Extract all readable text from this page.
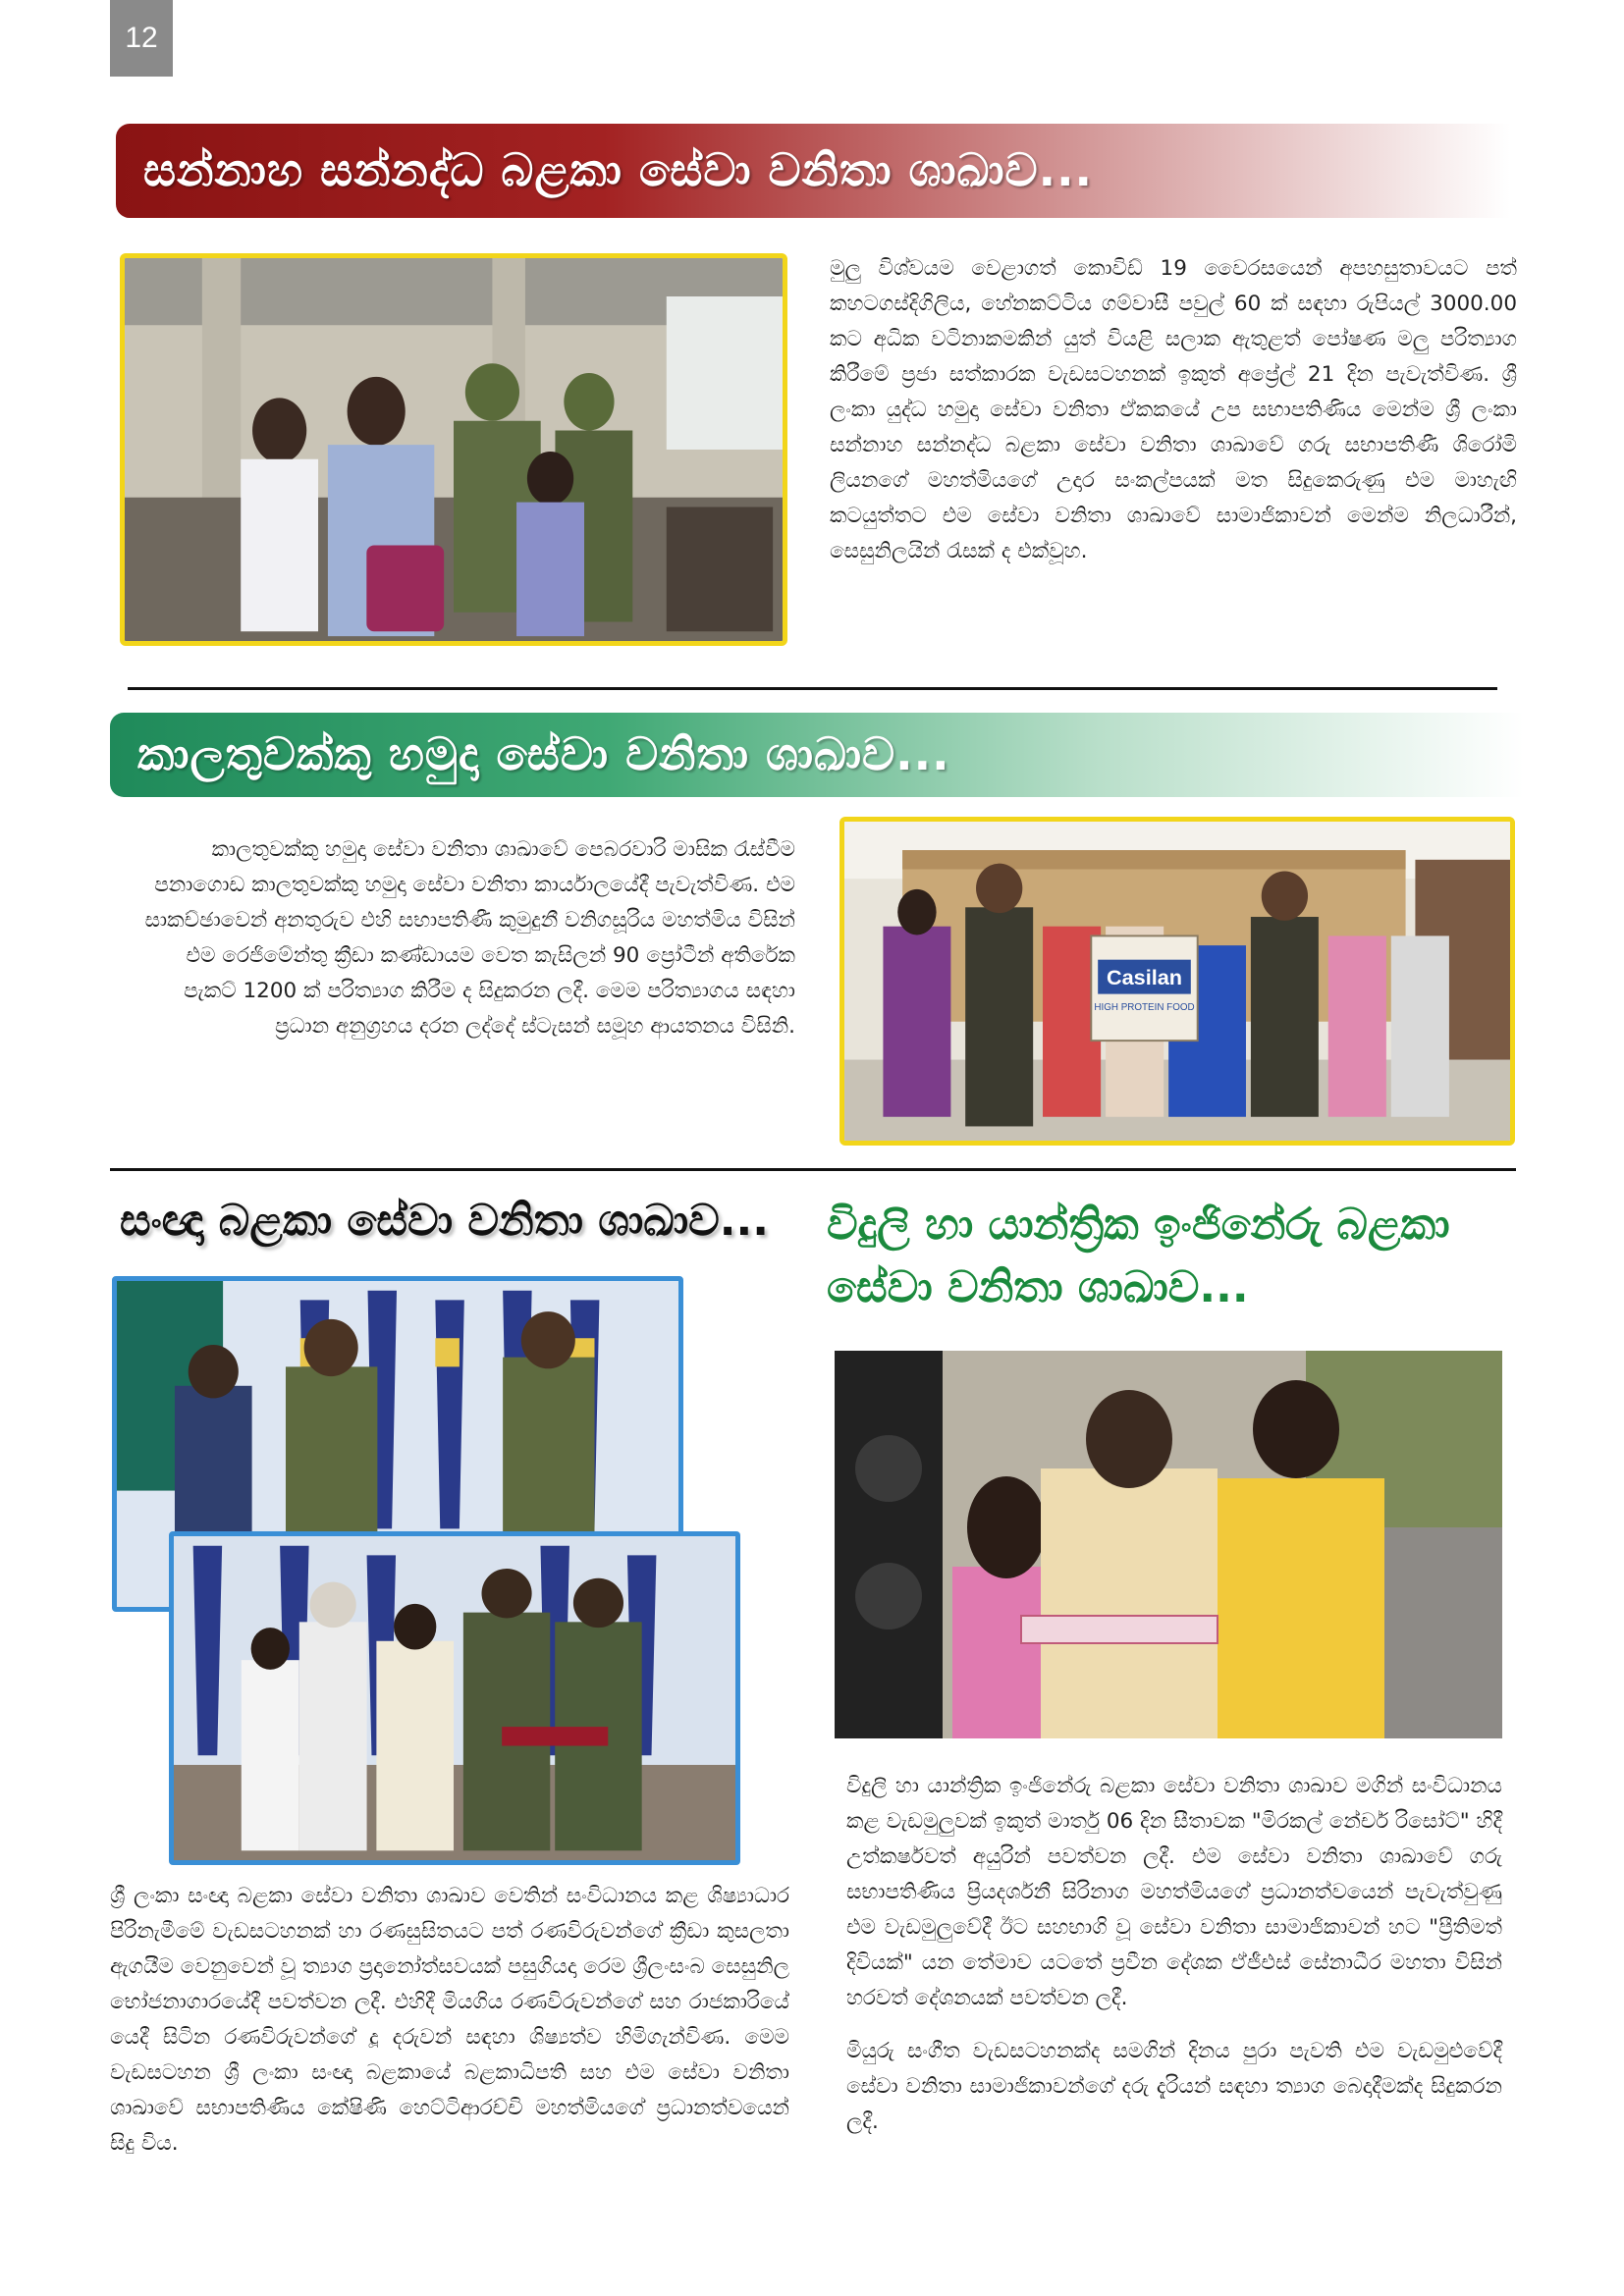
12
සන්නාහ සන්නද්ධ බළකා සේවා වනිතා ශාඛාව...

මුලු විශ්වයම වෙළාගත් කොවිඩ් 19 වෛරසයෙන් අපහසුතාවයට පත් කහටගස්දිගිලිය, හේනකට්ටිය ගම්වාසී පවුල් 60 ක් සඳහා රුපියල් 3000.00 කට අධික වටිනාකමකින් යුත් වියළි සලාක ඇතුළත් පෝෂණ මලු පරිත්‍යාග කිරීමේ ප්‍රජා සත්කාරක වැඩසටහනක් ඉකුත් අප්‍රේල් 21 දින පැවැත්විණ. ශ්‍රී ලංකා යුද්ධ හමුදා සේවා වනිතා ඒකකයේ උප සභාපතිණිය මෙන්ම ශ්‍රී ලංකා සන්නාහ සන්නද්ධ බළකා සේවා වනිතා ශාඛාවේ ගරු සභාපතිණී ශිරෝමි ලියනගේ මහත්මියගේ උදාර සංකල්පයක් මත සිදුකෙරුණු එම මාහැඟි කටයුත්තට එම සේවා වනිතා ශාඛාවේ සාමාජිකාවන් මෙන්ම නිලධාරීන්, සෙසුනිලයින් රැසක් ද එක්වූහ.

කාලතුවක්කු හමුදා සේවා වනිතා ශාඛාව...

කාලතුවක්කු හමුදා සේවා වනිතා ශාඛාවේ පෙබරවාරි මාසික රැස්වීම පනාගොඩ කාලතුවක්කු හමුදා සේවා වනිතා කාර්යාලයේදී පැවැත්විණ. එම සාකච්ඡාවෙන් අනතුරුව එහි සභාපතිණී කුමුදුනී වනිගසූරිය මහත්මිය විසින් එම රෙජිමේන්තු ක්‍රීඩා කණ්ඩායම වෙත කැසිලන් 90 ප්‍රෝටීන් අතිරේක පැකට් 1200 ක් පරිත්‍යාග කිරීම ද සිදුකරන ලදී. මෙම පරිත්‍යාගය සඳහා ප්‍රධාන අනුග්‍රහය දරන ලද්දේ ස්ටැසන් සමූහ ආයතනය විසිනි.

Casilan
HIGH PROTEIN FOOD
සංඥා බළකා සේවා වනිතා ශාඛාව...

ශ්‍රී ලංකා සංඥා බළකා සේවා වනිතා ශාඛාව වෙතින් සංවිධානය කළ ශිෂ්‍යාධාර පිරිනැමීමේ වැඩසටහනක් හා රණසුසිතයට පත් රණවිරුවන්ගේ ක්‍රීඩා කුසලතා ඇගයීම වෙනුවෙන් වූ ත්‍යාග ප්‍රදානෝත්සවයක් පසුගියදා රෙම ශ්‍රීලංසංබ සෙසුනිල භෝජනාගාරයේදී පවත්වන ලදී. එහිදී මියගිය රණවිරුවන්ගේ සහ රාජකාරියේ යෙදී සිටින රණවිරුවන්ගේ දූ දරුවන් සඳහා ශිෂ්‍යත්ව හිමිගැන්විණ. මෙම වැඩසටහන ශ්‍රී ලංකා සංඥා බළකායේ බළකාධිපති සහ එම සේවා වනිතා ශාඛාවේ සභාපතිණිය කේෂිණි හෙට්ටිආරච්චි මහත්මියගේ ප්‍රධානත්වයෙන් සිදු විය.

විදුලි හා යාන්ත්‍රික ඉංජිනේරු බළකා
සේවා වනිතා ශාඛාව...

විදුලි හා යාන්ත්‍රික ඉංජිනේරු බළකා සේවා වනිතා ශාඛාව මගින් සංවිධානය කළ වැඩමුලුවක් ඉකුත් මාර්තු 06 දින සීතාවක "මිරකල් නේචර් රිසෝට්" හිදී උත්කර්ෂවත් අයුරින් පවත්වන ලදී. එම සේවා වනිතා ශාඛාවේ ගරු සභාපතිණිය ප්‍රියදර්ශනී සිරිනාග මහත්මියගේ ප්‍රධානත්වයෙන් පැවැත්වුණු එම වැඩමුලුවේදී ඊට සහභාගි වූ සේවා වනිතා සාමාජිකාවන් හට "ප්‍රීතිමත් දිවියක්" යන තේමාව යටතේ ප්‍රවීන දේශක ඒජීඑස් සේනාධීර මහතා විසින් හරවත් දේශනයක් පවත්වන ලදී.

මියුරු සංගීත වැඩසටහනක්ද සමගින් දිනය පුරා පැවති එම වැඩමුළුවේදී සේවා වනිතා සාමාජිකාවන්ගේ දරු දැරියන් සඳහා ත්‍යාග බෙදාදීමක්ද සිදුකරන ලදී.
